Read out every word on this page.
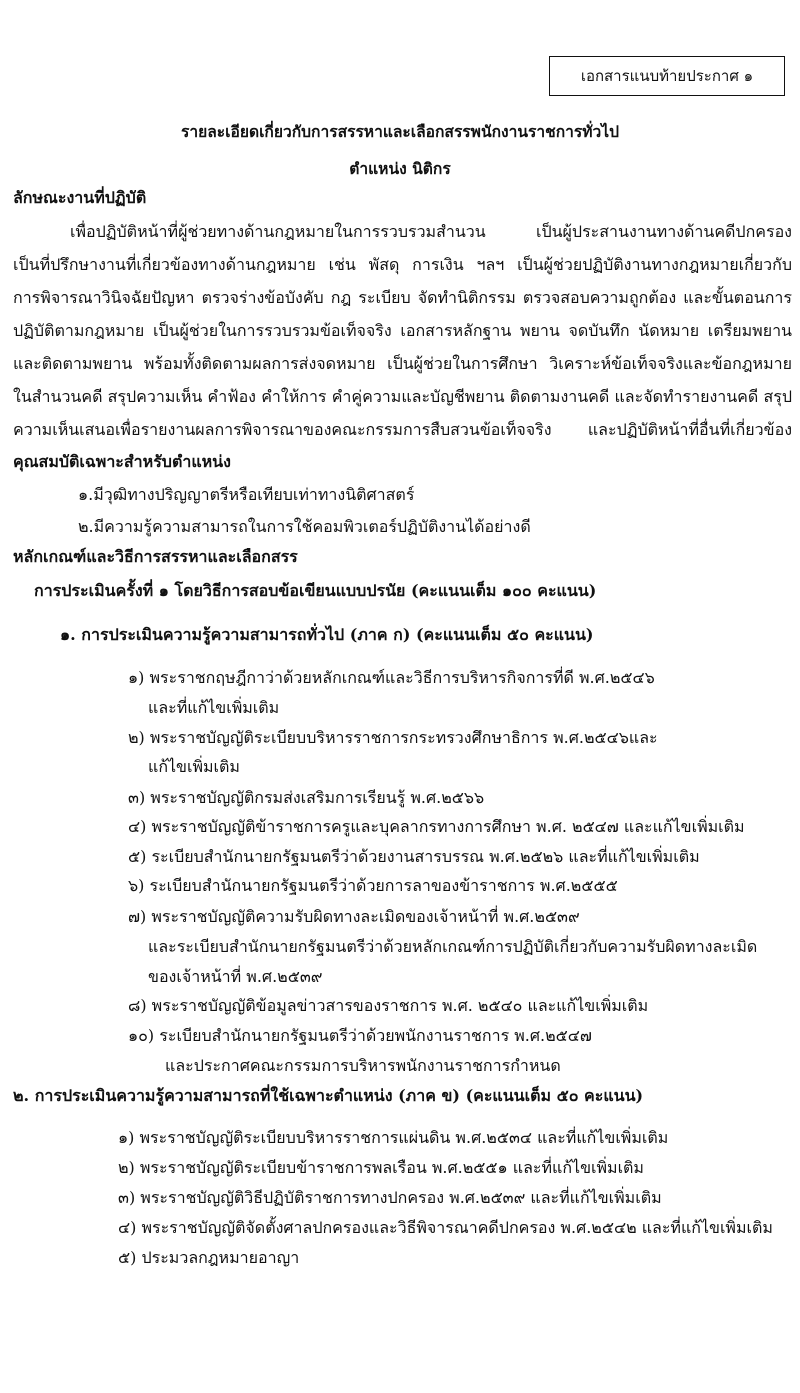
เอกสารแนบท้ายประกาศ ๑
รายละเอียดเกี่ยวกับการสรรหาและเลือกสรรพนักงานราชการทั่วไป
ตำแหน่ง นิติกร
ลักษณะงานที่ปฏิบัติ
เพื่อปฏิบัติหน้าที่ผู้ช่วยทางด้านกฎหมายในการรวบรวมสำนวน เป็นผู้ประสานงานทางด้านคดีปกครอง
เป็นที่ปรึกษางานที่เกี่ยวข้องทางด้านกฎหมาย เช่น พัสดุ การเงิน ฯลฯ เป็นผู้ช่วยปฏิบัติงานทางกฎหมายเกี่ยวกับ
การพิจารณาวินิจฉัยปัญหา ตรวจร่างข้อบังคับ กฎ ระเบียบ จัดทำนิติกรรม ตรวจสอบความถูกต้อง และขั้นตอนการ
ปฏิบัติตามกฎหมาย เป็นผู้ช่วยในการรวบรวมข้อเท็จจริง เอกสารหลักฐาน พยาน จดบันทึก นัดหมาย เตรียมพยาน
และติดตามพยาน พร้อมทั้งติดตามผลการส่งจดหมาย เป็นผู้ช่วยในการศึกษา วิเคราะห์ข้อเท็จจริงและข้อกฎหมาย
ในสำนวนคดี สรุปความเห็น คำฟ้อง คำให้การ คำคู่ความและบัญชีพยาน ติดตามงานคดี และจัดทำรายงานคดี สรุป
ความเห็นเสนอเพื่อรายงานผลการพิจารณาของคณะกรรมการสืบสวนข้อเท็จจริง และปฏิบัติหน้าที่อื่นที่เกี่ยวข้อง
คุณสมบัติเฉพาะสำหรับตำแหน่ง
๑.มีวุฒิทางปริญญาตรีหรือเทียบเท่าทางนิติศาสตร์
๒.มีความรู้ความสามารถในการใช้คอมพิวเตอร์ปฏิบัติงานได้อย่างดี
หลักเกณฑ์และวิธีการสรรหาและเลือกสรร
การประเมินครั้งที่ ๑ โดยวิธีการสอบข้อเขียนแบบปรนัย (คะแนนเต็ม ๑๐๐ คะแนน)
๑. การประเมินความรู้ความสามารถทั่วไป (ภาค ก) (คะแนนเต็ม ๕๐ คะแนน)
๑) พระราชกฤษฎีกาว่าด้วยหลักเกณฑ์และวิธีการบริหารกิจการที่ดี พ.ศ.๒๕๔๖
และที่แก้ไขเพิ่มเติม
๒) พระราชบัญญัติระเบียบบริหารราชการกระทรวงศึกษาธิการ พ.ศ.๒๕๔๖และ
แก้ไขเพิ่มเติม
๓) พระราชบัญญัติกรมส่งเสริมการเรียนรู้ พ.ศ.๒๕๖๖
๔) พระราชบัญญัติข้าราชการครูและบุคลากรทางการศึกษา พ.ศ. ๒๕๔๗ และแก้ไขเพิ่มเติม
๕) ระเบียบสำนักนายกรัฐมนตรีว่าด้วยงานสารบรรณ พ.ศ.๒๕๒๖ และที่แก้ไขเพิ่มเติม
๖) ระเบียบสำนักนายกรัฐมนตรีว่าด้วยการลาของข้าราชการ พ.ศ.๒๕๕๕
๗) พระราชบัญญัติความรับผิดทางละเมิดของเจ้าหน้าที่ พ.ศ.๒๕๓๙
และระเบียบสำนักนายกรัฐมนตรีว่าด้วยหลักเกณฑ์การปฏิบัติเกี่ยวกับความรับผิดทางละเมิด
ของเจ้าหน้าที่ พ.ศ.๒๕๓๙
๘) พระราชบัญญัติข้อมูลข่าวสารของราชการ พ.ศ. ๒๕๔๐ และแก้ไขเพิ่มเติม
๑๐) ระเบียบสำนักนายกรัฐมนตรีว่าด้วยพนักงานราชการ พ.ศ.๒๕๔๗
และประกาศคณะกรรมการบริหารพนักงานราชการกำหนด
๒. การประเมินความรู้ความสามารถที่ใช้เฉพาะตำแหน่ง (ภาค ข) (คะแนนเต็ม ๕๐ คะแนน)
๑) พระราชบัญญัติระเบียบบริหารราชการแผ่นดิน พ.ศ.๒๕๓๔ และที่แก้ไขเพิ่มเติม
๒) พระราชบัญญัติระเบียบข้าราชการพลเรือน พ.ศ.๒๕๕๑ และที่แก้ไขเพิ่มเติม
๓) พระราชบัญญัติวิธีปฏิบัติราชการทางปกครอง พ.ศ.๒๕๓๙ และที่แก้ไขเพิ่มเติม
๔) พระราชบัญญัติจัดตั้งศาลปกครองและวิธีพิจารณาคดีปกครอง พ.ศ.๒๕๔๒ และที่แก้ไขเพิ่มเติม
๕) ประมวลกฎหมายอาญา
